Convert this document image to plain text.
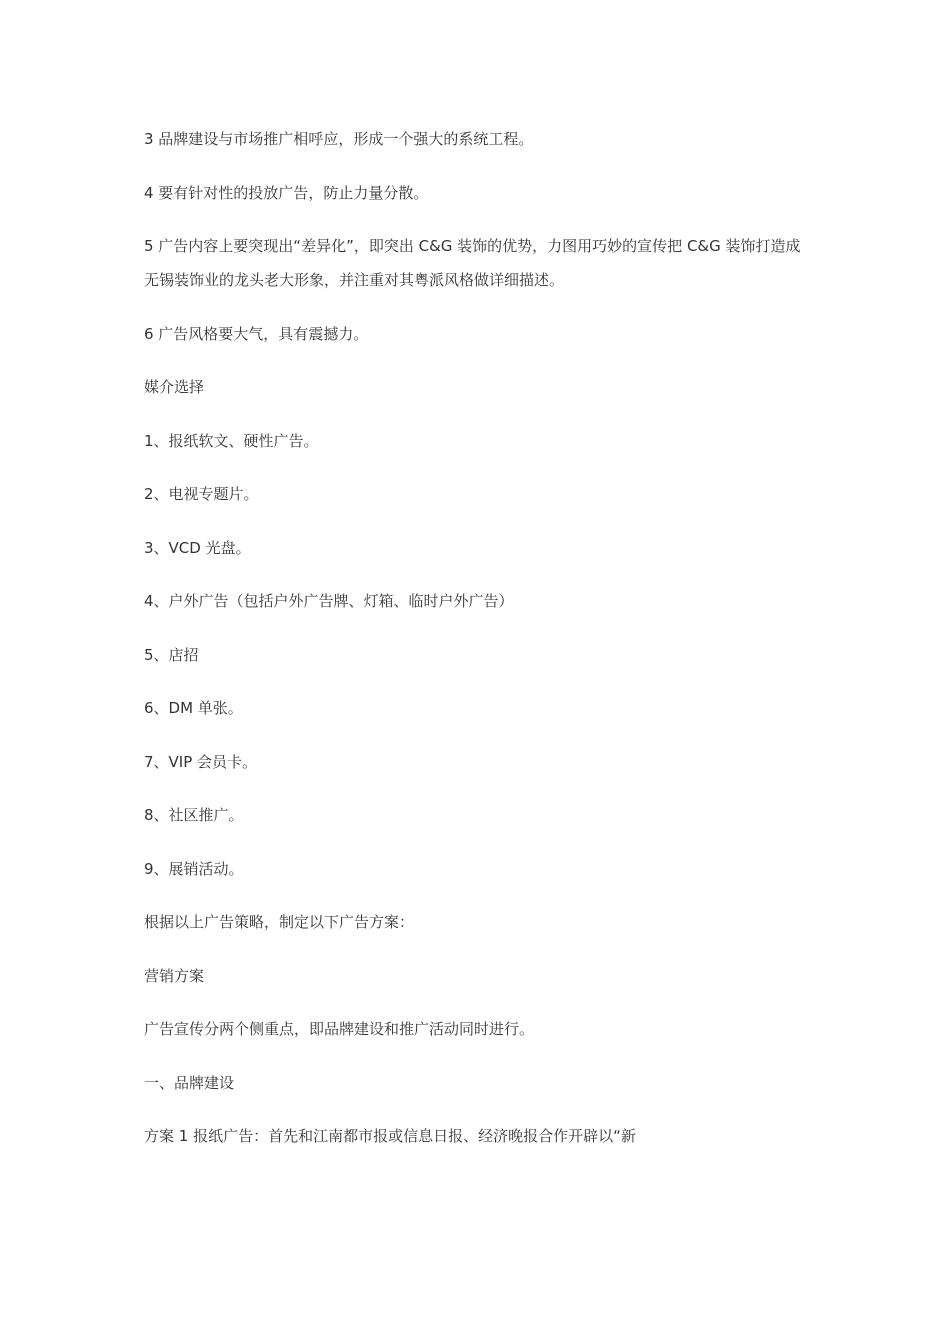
3 品牌建设与市场推广相呼应，形成一个强大的系统工程。

4 要有针对性的投放广告，防止力量分散。

5 广告内容上要突现出“差异化”，即突出 C&G 装饰的优势，力图用巧妙的宣传把 C&G 装饰打造成无锡装饰业的龙头老大形象，并注重对其粤派风格做详细描述。

6 广告风格要大气，具有震撼力。

媒介选择

1、报纸软文、硬性广告。

2、电视专题片。

3、VCD 光盘。

4、户外广告（包括户外广告牌、灯箱、临时户外广告）

5、店招

6、DM 单张。

7、VIP 会员卡。

8、社区推广。

9、展销活动。

根据以上广告策略，制定以下广告方案：

营销方案

广告宣传分两个侧重点，即品牌建设和推广活动同时进行。

一、品牌建设

方案 1 报纸广告：首先和江南都市报或信息日报、经济晚报合作开辟以“新
